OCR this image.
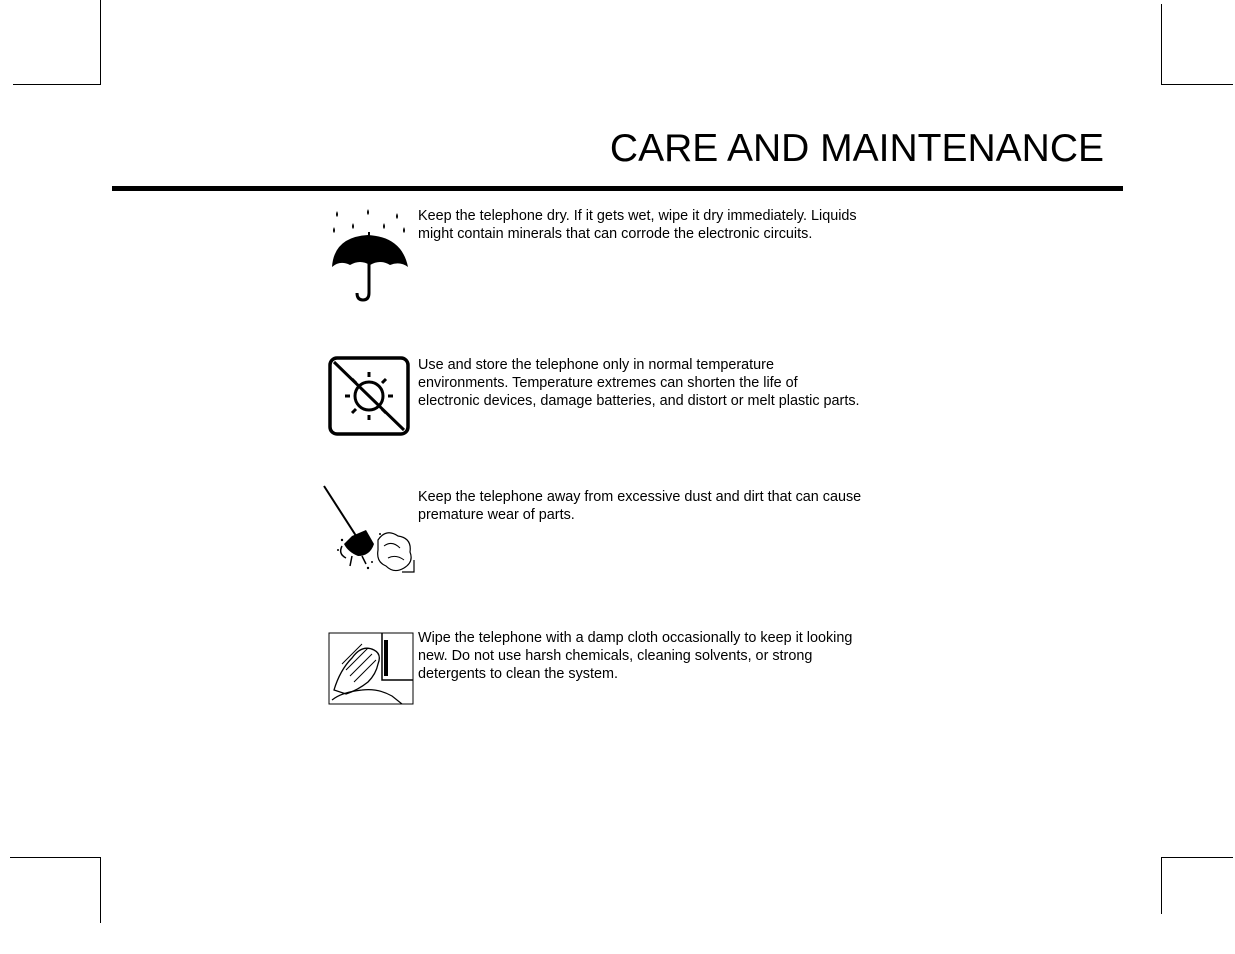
CARE AND MAINTENANCE

Keep the telephone dry. If it gets wet, wipe it dry immediately. Liquids might contain minerals that can corrode the electronic circuits.

Use and store the telephone only in normal temperature environments. Temperature extremes can shorten the life of electronic devices, damage batteries, and distort or melt plastic parts.

Keep the telephone away from excessive dust and dirt that can cause premature wear of parts.

Wipe the telephone with a damp cloth occasionally to keep it looking new. Do not use harsh chemicals, cleaning solvents, or strong detergents to clean the system.
